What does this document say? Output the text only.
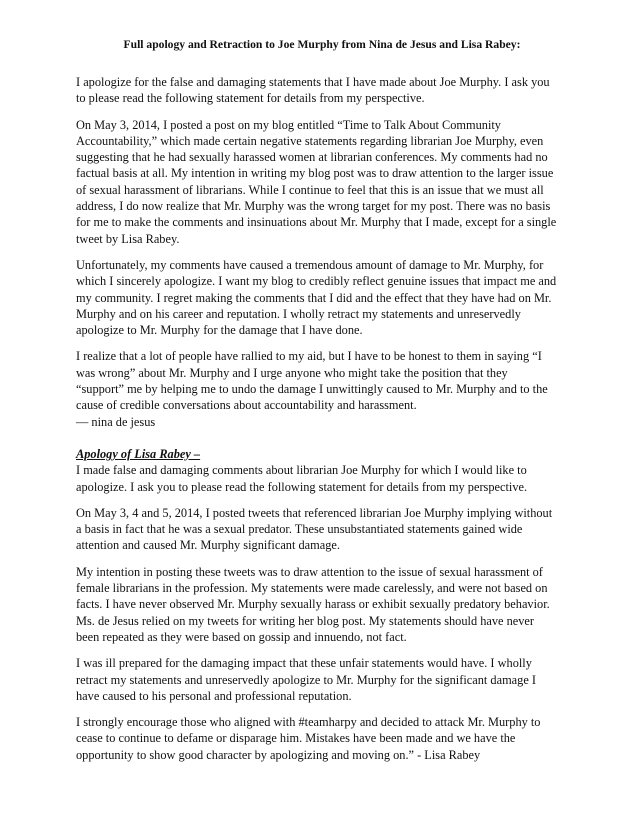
Full apology and Retraction to Joe Murphy from Nina de Jesus and Lisa Rabey:
I apologize for the false and damaging statements that I have made about Joe Murphy. I ask you
to please read the following statement for details from my perspective.
On May 3, 2014, I posted a post on my blog entitled “Time to Talk About Community
Accountability,” which made certain negative statements regarding librarian Joe Murphy, even
suggesting that he had sexually harassed women at librarian conferences. My comments had no
factual basis at all. My intention in writing my blog post was to draw attention to the larger issue
of sexual harassment of librarians. While I continue to feel that this is an issue that we must all
address, I do now realize that Mr. Murphy was the wrong target for my post. There was no basis
for me to make the comments and insinuations about Mr. Murphy that I made, except for a single
tweet by Lisa Rabey.
Unfortunately, my comments have caused a tremendous amount of damage to Mr. Murphy, for
which I sincerely apologize. I want my blog to credibly reflect genuine issues that impact me and
my community. I regret making the comments that I did and the effect that they have had on Mr.
Murphy and on his career and reputation. I wholly retract my statements and unreservedly
apologize to Mr. Murphy for the damage that I have done.
I realize that a lot of people have rallied to my aid, but I have to be honest to them in saying “I
was wrong” about Mr. Murphy and I urge anyone who might take the position that they
“support” me by helping me to undo the damage I unwittingly caused to Mr. Murphy and to the
cause of credible conversations about accountability and harassment.
— nina de jesus
Apology of Lisa Rabey –
I made false and damaging comments about librarian Joe Murphy for which I would like to
apologize. I ask you to please read the following statement for details from my perspective.
On May 3, 4 and 5, 2014, I posted tweets that referenced librarian Joe Murphy implying without
a basis in fact that he was a sexual predator. These unsubstantiated statements gained wide
attention and caused Mr. Murphy significant damage.
My intention in posting these tweets was to draw attention to the issue of sexual harassment of
female librarians in the profession. My statements were made carelessly, and were not based on
facts. I have never observed Mr. Murphy sexually harass or exhibit sexually predatory behavior.
Ms. de Jesus relied on my tweets for writing her blog post. My statements should have never
been repeated as they were based on gossip and innuendo, not fact.
I was ill prepared for the damaging impact that these unfair statements would have. I wholly
retract my statements and unreservedly apologize to Mr. Murphy for the significant damage I
have caused to his personal and professional reputation.
I strongly encourage those who aligned with #teamharpy and decided to attack Mr. Murphy to
cease to continue to defame or disparage him. Mistakes have been made and we have the
opportunity to show good character by apologizing and moving on.” - Lisa Rabey
